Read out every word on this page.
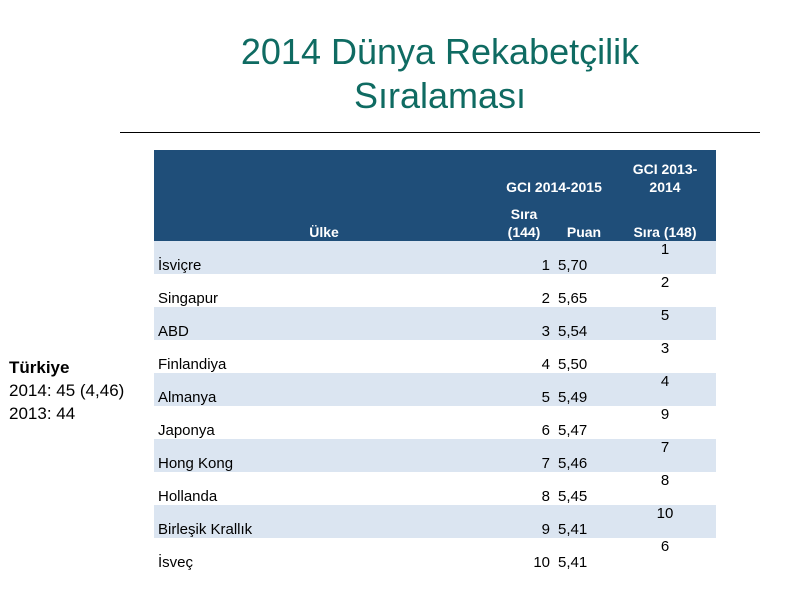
2014 Dünya Rekabetçilik
Sıralaması
Türkiye
2014: 45 (4,46)
2013: 44
	GCI 2014-2015		GCI 2013-2014
Ülke	Sıra (144)	Puan	Sıra (148)
İsviçre	1	5,70	1
Singapur	2	5,65	2
ABD	3	5,54	5
Finlandiya	4	5,50	3
Almanya	5	5,49	4
Japonya	6	5,47	9
Hong Kong	7	5,46	7
Hollanda	8	5,45	8
Birleşik Krallık	9	5,41	10
İsveç	10	5,41	6
